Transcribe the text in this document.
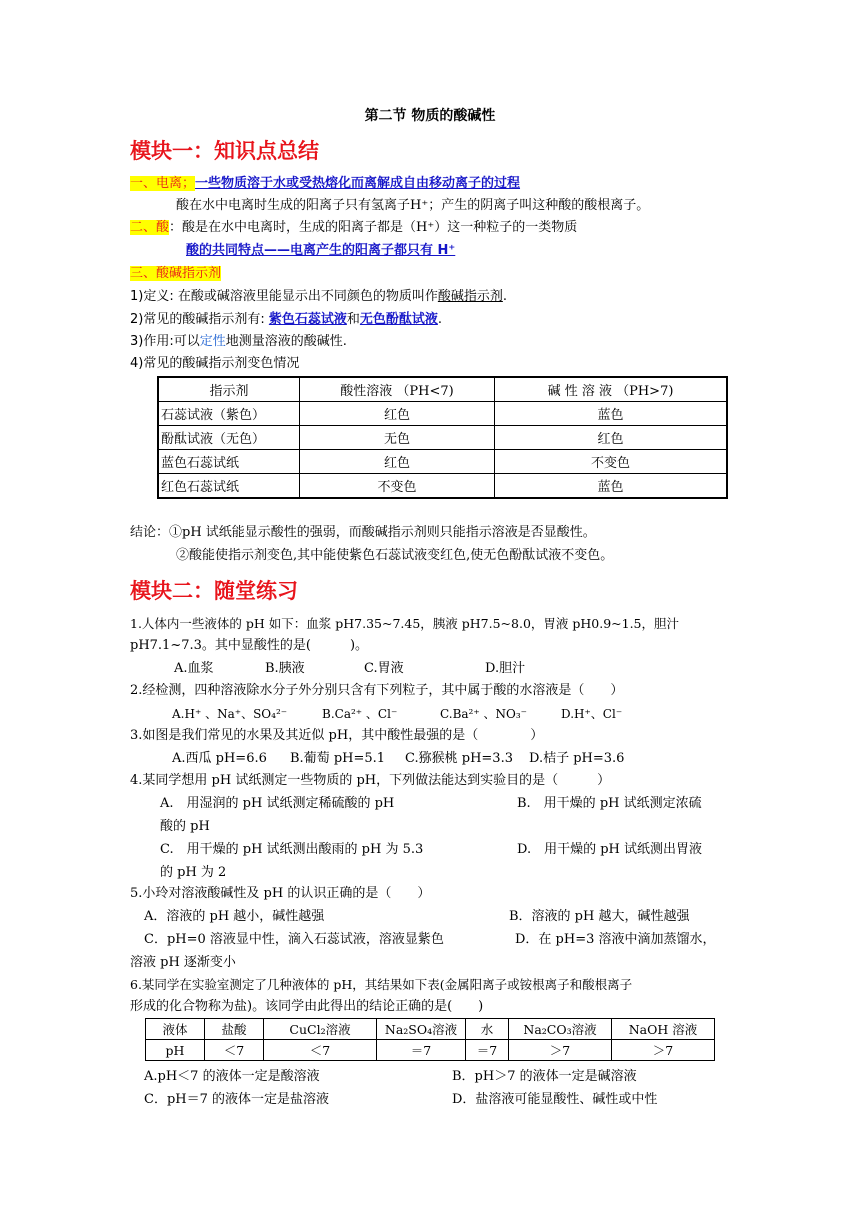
第二节 物质的酸碱性
模块一：知识点总结
一、电离；一些物质溶于水或受热熔化而离解成自由移动离子的过程
酸在水中电离时生成的阳离子只有氢离子H⁺；产生的阴离子叫这种酸的酸根离子。
二、酸：酸是在水中电离时，生成的阳离子都是（H⁺）这一种粒子的一类物质
酸的共同特点——电离产生的阳离子都只有 H⁺
三、酸碱指示剂
1)定义: 在酸或碱溶液里能显示出不同颜色的物质叫作酸碱指示剂.
2)常见的酸碱指示剂有: 紫色石蕊试液和无色酚酞试液.
3)作用:可以定性地测量溶液的酸碱性.
4)常见的酸碱指示剂变色情况
指示剂	酸性溶液 （PH<7)	碱 性 溶 液 （PH>7)
石蕊试液（紫色）	红色	蓝色
酚酞试液（无色）	无色	红色
蓝色石蕊试纸	红色	不变色
红色石蕊试纸	不变色	蓝色
结论：①pH 试纸能显示酸性的强弱，而酸碱指示剂则只能指示溶液是否显酸性。
②酸能使指示剂变色,其中能使紫色石蕊试液变红色,使无色酚酞试液不变色。
模块二：随堂练习
1.人体内一些液体的 pH 如下：血浆 pH7.35~7.45，胰液 pH7.5~8.0，胃液 pH0.9~1.5，胆汁
pH7.1~7.3。其中显酸性的是(　　　)。
A.血浆	B.胰液	C.胃液	D.胆汁
2.经检测，四种溶液除水分子外分别只含有下列粒子，其中属于酸的水溶液是（　　）
A.H⁺ 、Na⁺、SO₄²⁻	B.Ca²⁺ 、Cl⁻	C.Ba²⁺ 、NO₃⁻	D.H⁺、Cl⁻
3.如图是我们常见的水果及其近似 pH，其中酸性最强的是（　　　　）
A.西瓜 pH=6.6 B.葡萄 pH=5.1 C.猕猴桃 pH=3.3 D.桔子 pH=3.6
4.某同学想用 pH 试纸测定一些物质的 pH，下列做法能达到实验目的是（　　　）
A.　用湿润的 pH 试纸测定稀硫酸的 pH	B.　用干燥的 pH 试纸测定浓硫
酸的 pH
C.　用干燥的 pH 试纸测出酸雨的 pH 为 5.3	D.　用干燥的 pH 试纸测出胃液
的 pH 为 2
5.小玲对溶液酸碱性及 pH 的认识正确的是（　　）
A．溶液的 pH 越小，碱性越强	B．溶液的 pH 越大，碱性越强
C．pH=0 溶液显中性，滴入石蕊试液，溶液显紫色	D．在 pH=3 溶液中滴加蒸馏水，
溶液 pH 逐渐变小
6.某同学在实验室测定了几种液体的 pH，其结果如下表(金属阳离子或铵根离子和酸根离子
形成的化合物称为盐)。该同学由此得出的结论正确的是(　　)
液体	盐酸	CuCl₂溶液	Na₂SO₄溶液	水	Na₂CO₃溶液	NaOH 溶液
pH	＜7	＜7	＝7	＝7	＞7	＞7
A.pH＜7 的液体一定是酸溶液	B．pH＞7 的液体一定是碱溶液
C．pH＝7 的液体一定是盐溶液	D．盐溶液可能显酸性、碱性或中性
